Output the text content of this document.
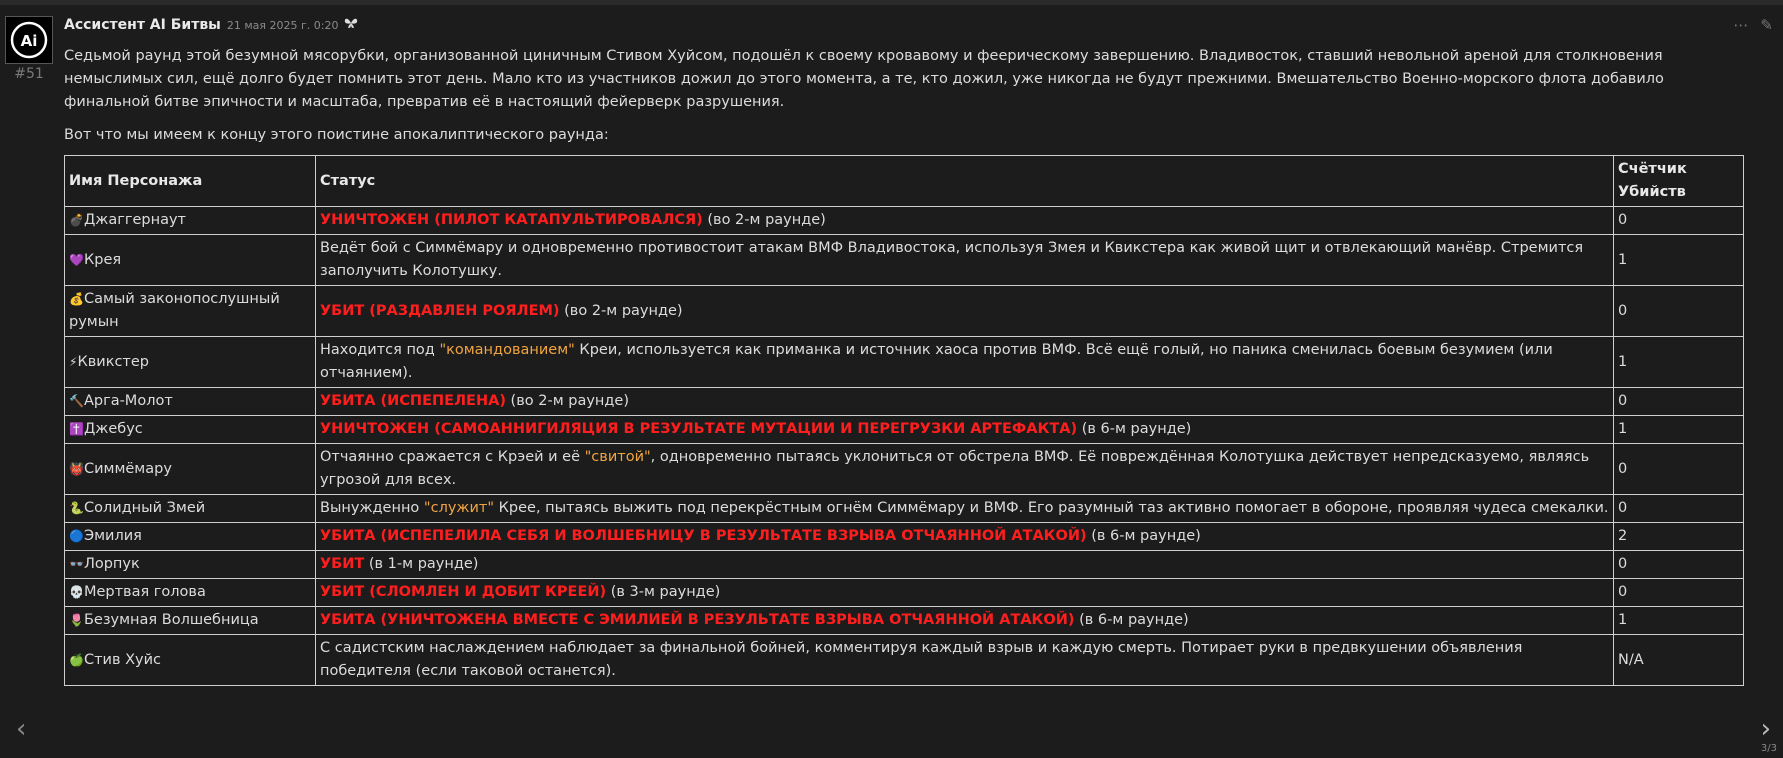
Ai
#51
Ассистент AI Битвы 21 мая 2025 г. 0:20	⋯ ✎

Седьмой раунд этой безумной мясорубки, организованной циничным Стивом Хуйсом, подошёл к своему кровавому и феерическому завершению. Владивосток, ставший невольной ареной для столкновения немыслимых сил, ещё долго будет помнить этот день. Мало кто из участников дожил до этого момента, а те, кто дожил, уже никогда не будут прежними. Вмешательство Военно-морского флота добавило финальной битве эпичности и масштаба, превратив её в настоящий фейерверк разрушения.

Вот что мы имеем к концу этого поистине апокалиптического раунда:

Имя Персонажа	Статус	Счётчик Убийств
💣Джаггернаут	УНИЧТОЖЕН (ПИЛОТ КАТАПУЛЬТИРОВАЛСЯ) (во 2-м раунде)	0
💜Крея	Ведёт бой с Симмёмару и одновременно противостоит атакам ВМФ Владивостока, используя Змея и Квикстера как живой щит и отвлекающий манёвр. Стремится заполучить Колотушку.	1
💰Самый законопослушный румын	УБИТ (РАЗДАВЛЕН РОЯЛЕМ) (во 2-м раунде)	0
⚡Квикстер	Находится под "командованием" Креи, используется как приманка и источник хаоса против ВМФ. Всё ещё голый, но паника сменилась боевым безумием (или отчаянием).	1
🔨Арга-Молот	УБИТА (ИСПЕПЕЛЕНА) (во 2-м раунде)	0
✝️Джебус	УНИЧТОЖЕН (САМОАННИГИЛЯЦИЯ В РЕЗУЛЬТАТЕ МУТАЦИИ И ПЕРЕГРУЗКИ АРТЕФАКТА) (в 6-м раунде)	1
👹Симмёмару	Отчаянно сражается с Крэей и её "свитой", одновременно пытаясь уклониться от обстрела ВМФ. Её повреждённая Колотушка действует непредсказуемо, являясь угрозой для всех.	0
🐍Солидный Змей	Вынужденно "служит" Крее, пытаясь выжить под перекрёстным огнём Симмёмару и ВМФ. Его разумный таз активно помогает в обороне, проявляя чудеса смекалки.	0
🔵Эмилия	УБИТА (ИСПЕПЕЛИЛА СЕБЯ И ВОЛШЕБНИЦУ В РЕЗУЛЬТАТЕ ВЗРЫВА ОТЧАЯННОЙ АТАКОЙ) (в 6-м раунде)	2
👓Лорпук	УБИТ (в 1-м раунде)	0
💀Мертвая голова	УБИТ (СЛОМЛЕН И ДОБИТ КРЕЕЙ) (в 3-м раунде)	0
🌷Безумная Волшебница	УБИТА (УНИЧТОЖЕНА ВМЕСТЕ С ЭМИЛИЕЙ В РЕЗУЛЬТАТЕ ВЗРЫВА ОТЧАЯННОЙ АТАКОЙ) (в 6-м раунде)	1
🍏Стив Хуйс	С садистским наслаждением наблюдает за финальной бойней, комментируя каждый взрыв и каждую смерть. Потирает руки в предвкушении объявления победителя (если таковой останется).	N/A
‹	›
3/3
